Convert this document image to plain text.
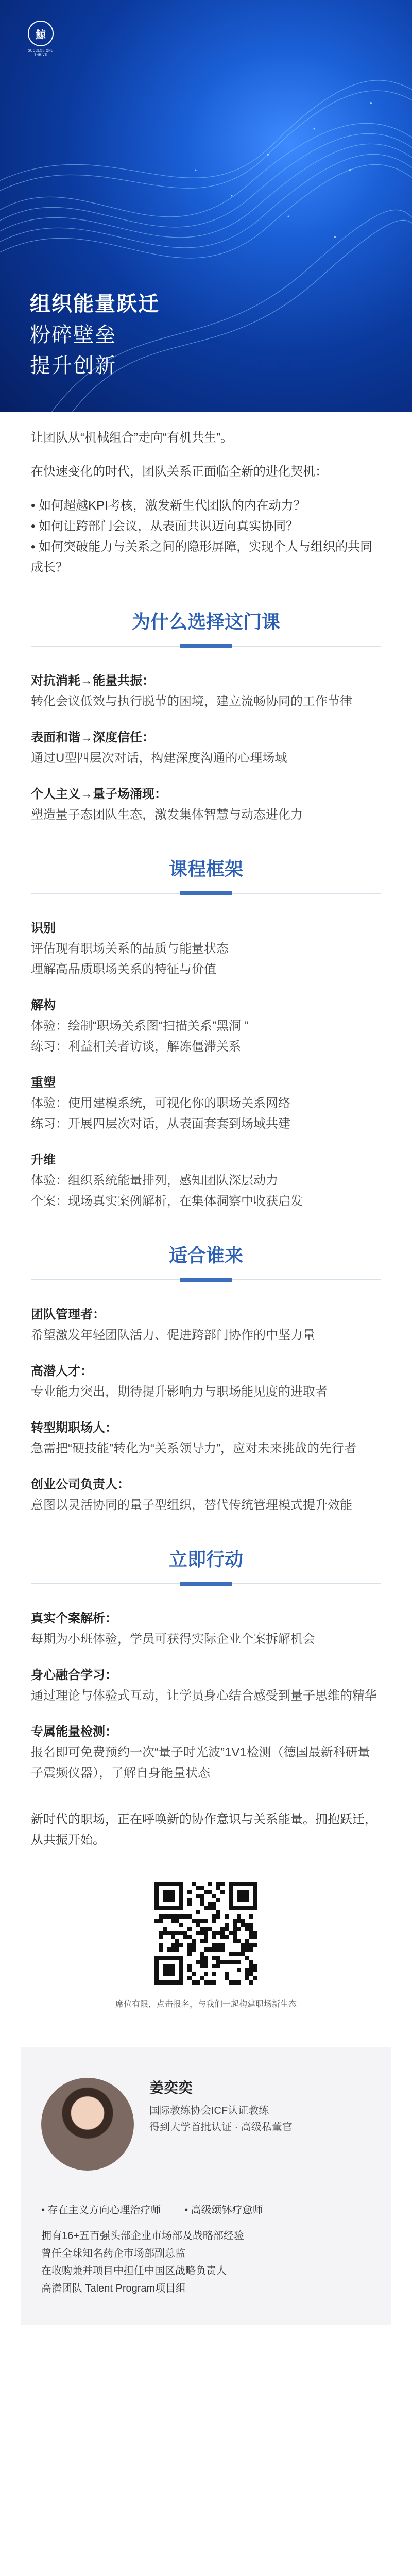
鯨
SUCCESS ONE
THRIVE
组织能量跃迁
粉碎壁垒
提升创新

让团队从“机械组合”走向“有机共生”。

在快速变化的时代，团队关系正面临全新的进化契机：

• 如何超越KPI考核，激发新生代团队的内在动力？
• 如何让跨部门会议，从表面共识迈向真实协同？
• 如何突破能力与关系之间的隐形屏障，实现个人与组织的共同成长？
为什么选择这门课
对抗消耗→能量共振：
转化会议低效与执行脱节的困境，建立流畅协同的工作节律
表面和谐→深度信任：
通过U型四层次对话，构建深度沟通的心理场域
个人主义→量子场涌现：
塑造量子态团队生态，激发集体智慧与动态进化力
课程框架
识别
评估现有职场关系的品质与能量状态
理解高品质职场关系的特征与价值
解构
体验：绘制“职场关系图“扫描关系”黑洞 ”
练习：利益相关者访谈，解冻僵滞关系
重塑
体验：使用建模系统，可视化你的职场关系网络
练习：开展四层次对话，从表面套套到场域共建
升维
体验：组织系统能量排列，感知团队深层动力
个案：现场真实案例解析，在集体洞察中收获启发
适合谁来
团队管理者：
希望激发年轻团队活力、促进跨部门协作的中坚力量
高潜人才：
专业能力突出，期待提升影响力与职场能见度的进取者
转型期职场人：
急需把“硬技能”转化为“关系领导力”，应对未来挑战的先行者
创业公司负责人：
意图以灵活协同的量子型组织，替代传统管理模式提升效能
立即行动
真实个案解析：
每期为小班体验，学员可获得实际企业个案拆解机会
身心融合学习：
通过理论与体验式互动，让学员身心结合感受到量子思维的精华
专属能量检测：
报名即可免费预约一次“量子时光波”1V1检测（德国最新科研量子震频仪器），了解自身能量状态

新时代的职场，正在呼唤新的协作意识与关系能量。拥抱跃迁，从共振开始。

席位有限，点击报名，与我们一起构建职场新生态
姜奕奕
国际教练协会ICF认证教练
得到大学首批认证 · 高级私董官
• 存在主义方向心理治疗师 • 高级颂钵疗愈师
拥有16+五百强头部企业市场部及战略部经验
曾任全球知名药企市场部副总监
在收购兼并项目中担任中国区战略负责人
高潜团队 Talent Program项目组
